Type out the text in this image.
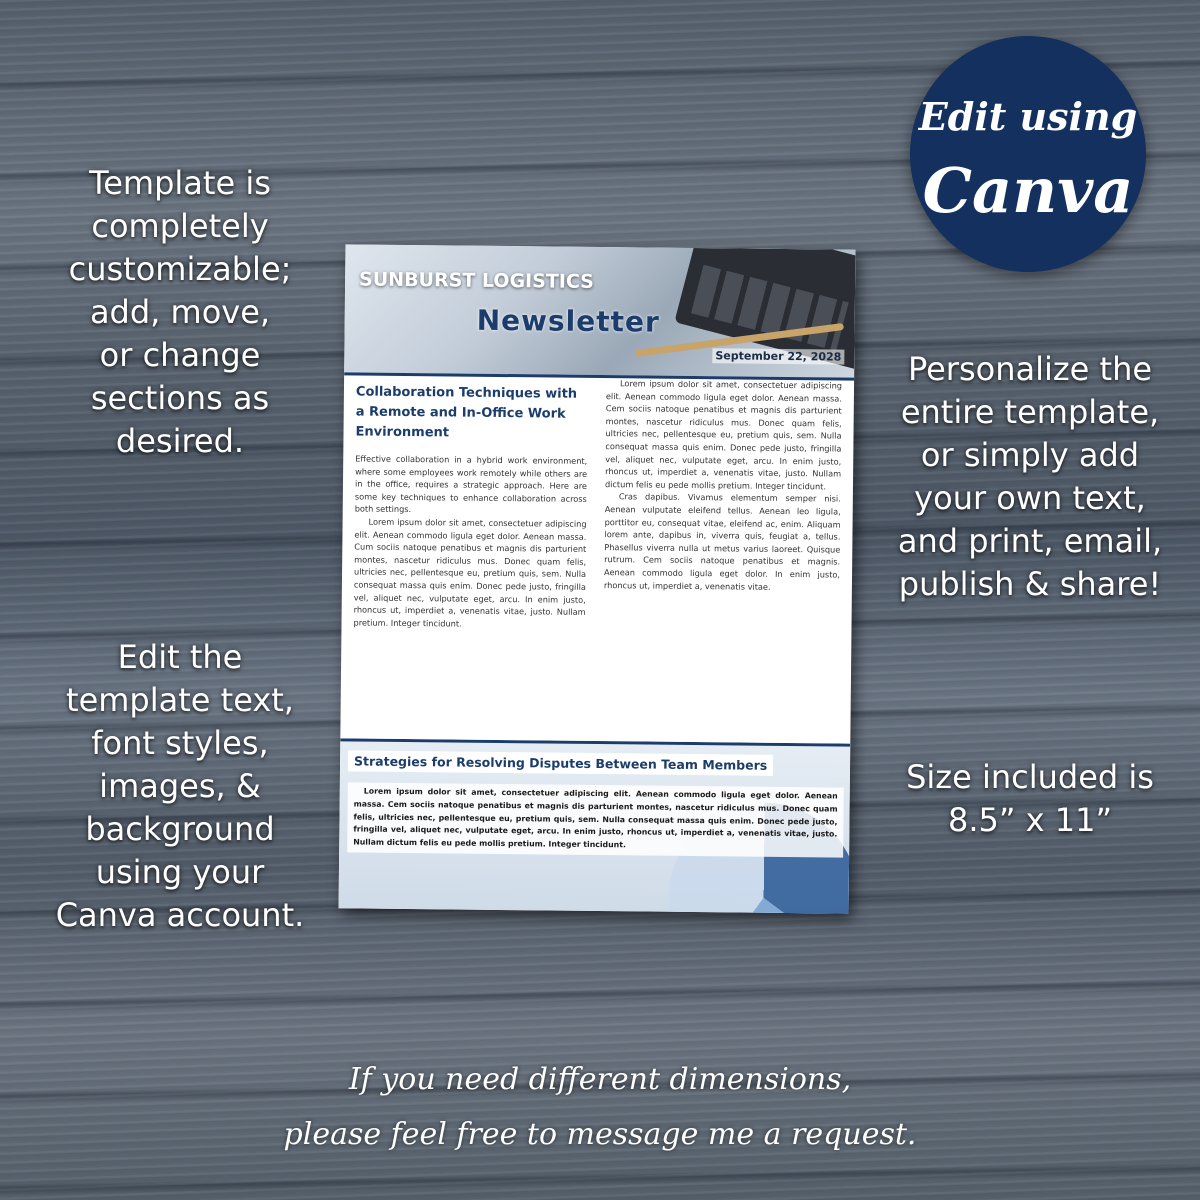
Template is
completely
customizable;
add, move,
or change
sections as
desired.
Edit the
template text,
font styles,
images, &
background
using your
Canva account.
Personalize the
entire template,
or simply add
your own text,
and print, email,
publish & share!
Size included is
8.5” x 11”
Edit using
Canva
SUNBURST LOGISTICS
Newsletter
September 22, 2028
Collaboration Techniques with a Remote and In-Office Work Environment

Effective collaboration in a hybrid work environment, where some employees work remotely while others are in the office, requires a strategic approach. Here are some key techniques to enhance collaboration across both settings.

Lorem ipsum dolor sit amet, consectetuer adipiscing elit. Aenean commodo ligula eget dolor. Aenean massa. Cum sociis natoque penatibus et magnis dis parturient montes, nascetur ridiculus mus. Donec quam felis, ultricies nec, pellentesque eu, pretium quis, sem. Nulla consequat massa quis enim. Donec pede justo, fringilla vel, aliquet nec, vulputate eget, arcu. In enim justo, rhoncus ut, imperdiet a, venenatis vitae, justo. Nullam pretium. Integer tincidunt.

Lorem ipsum dolor sit amet, consectetuer adipiscing elit. Aenean commodo ligula eget dolor. Aenean massa. Cem sociis natoque penatibus et magnis dis parturient montes, nascetur ridiculus mus. Donec quam felis, ultricies nec, pellentesque eu, pretium quis, sem. Nulla consequat massa quis enim. Donec pede justo, fringilla vel, aliquet nec, vulputate eget, arcu. In enim justo, rhoncus ut, imperdiet a, venenatis vitae, justo. Nullam dictum felis eu pede mollis pretium. Integer tincidunt.

Cras dapibus. Vivamus elementum semper nisi. Aenean vulputate eleifend tellus. Aenean leo ligula, porttitor eu, consequat vitae, eleifend ac, enim. Aliquam lorem ante, dapibus in, viverra quis, feugiat a, tellus. Phasellus viverra nulla ut metus varius laoreet. Quisque rutrum. Cem sociis natoque penatibus et magnis. Aenean commodo ligula eget dolor. In enim justo, rhoncus ut, imperdiet a, venenatis vitae.

Strategies for Resolving Disputes Between Team Members
Lorem ipsum dolor sit amet, consectetuer adipiscing elit. Aenean commodo ligula eget dolor. Aenean massa. Cem sociis natoque penatibus et magnis dis parturient montes, nascetur ridiculus mus. Donec quam felis, ultricies nec, pellentesque eu, pretium quis, sem. Nulla consequat massa quis enim. Donec pede justo, fringilla vel, aliquet nec, vulputate eget, arcu. In enim justo, rhoncus ut, imperdiet a, venenatis vitae, justo. Nullam dictum felis eu pede mollis pretium. Integer tincidunt.
If you need different dimensions,
please feel free to message me a request.
